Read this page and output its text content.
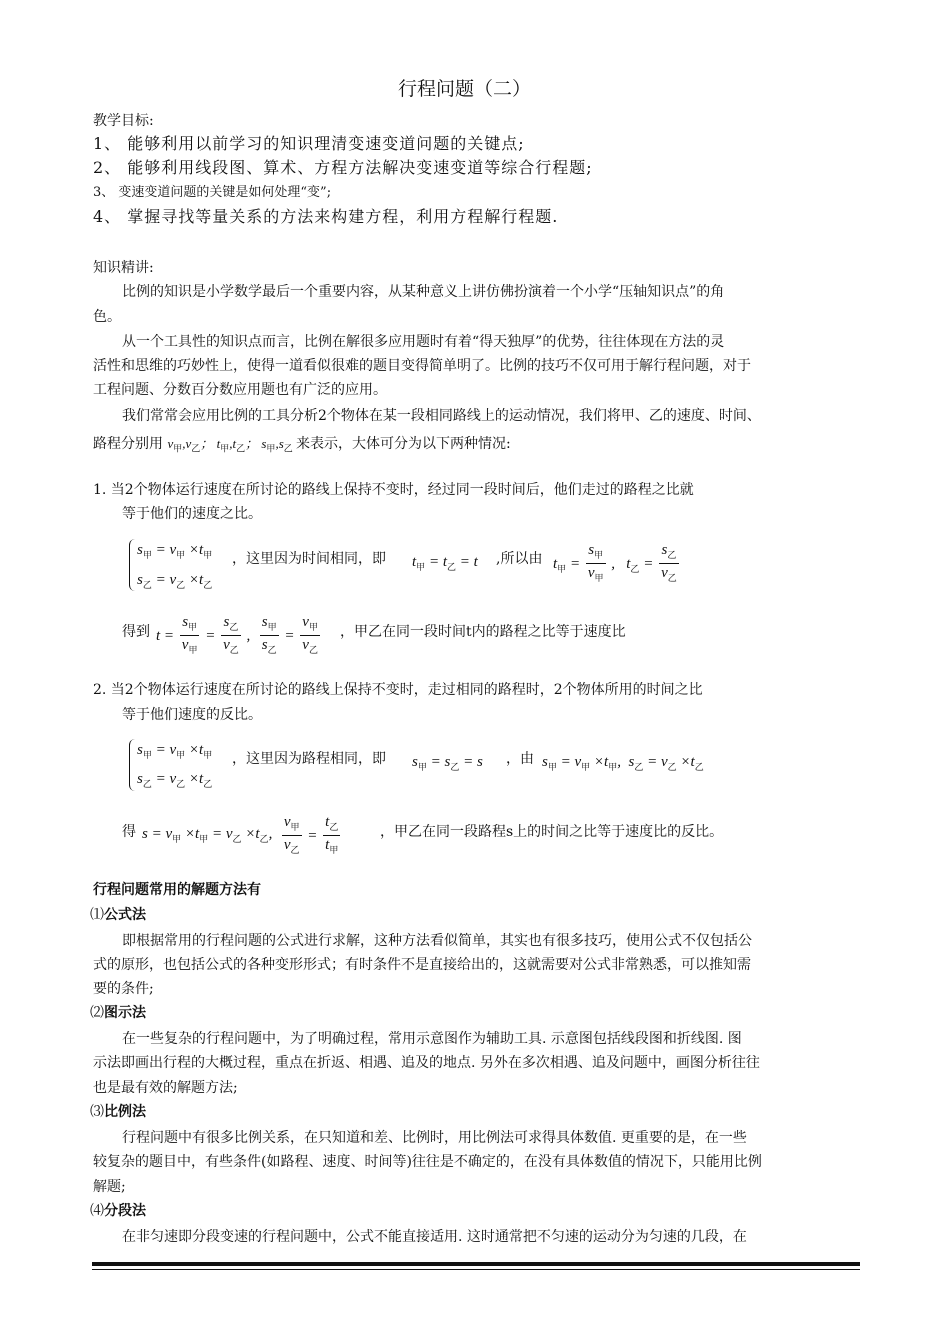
行程问题（二）
教学目标:
1、 能够利用以前学习的知识理清变速变道问题的关键点;
2、 能够利用线段图、算术、方程方法解决变速变道等综合行程题;
3、 变速变道问题的关键是如何处理“变”;
4、 掌握寻找等量关系的方法来构建方程，利用方程解行程题.
知识精讲:
比例的知识是小学数学最后一个重要内容，从某种意义上讲仿佛扮演着一个小学“压轴知识点”的角
色。
从一个工具性的知识点而言，比例在解很多应用题时有着“得天独厚”的优势，往往体现在方法的灵
活性和思维的巧妙性上，使得一道看似很难的题目变得简单明了。比例的技巧不仅可用于解行程问题，对于
工程问题、分数百分数应用题也有广泛的应用。
我们常常会应用比例的工具分析2个物体在某一段相同路线上的运动情况，我们将甲、乙的速度、时间、
路程分别用 $v_甲,v_乙$； $t_甲,t_乙$； $s_甲,s_乙$ 来表示，大体可分为以下两种情况:
1. 当2个物体运行速度在所讨论的路线上保持不变时，经过同一段时间后，他们走过的路程之比就
等于他们的速度之比。
$s_甲 = v_甲 \times t_甲$
$s_乙 = v_乙 \times t_乙$
，这里因为时间相同，即 $t_甲 = t_乙 = t$ ,所以由 $t_甲 = \frac{s_甲}{v_甲}$ , $t_乙 = \frac{s_乙}{v_乙}$
得到 $t = \frac{s_甲}{v_甲} = \frac{s_乙}{v_乙}$ , $\frac{s_甲}{s_乙} = \frac{v_甲}{v_乙}$ ，甲乙在同一段时间t内的路程之比等于速度比
2. 当2个物体运行速度在所讨论的路线上保持不变时，走过相同的路程时，2个物体所用的时间之比
等于他们速度的反比。
$s_甲 = v_甲 \times t_甲$
$s_乙 = v_乙 \times t_乙$
，这里因为路程相同，即 $s_甲 = s_乙 = s$ ，由 $s_甲 = v_甲 \times t_甲$, $s_乙 = v_乙 \times t_乙$
得 $s = v_甲 \times t_甲 = v_乙 \times t_乙$, $\frac{v_甲}{v_乙} = \frac{t_乙}{t_甲}$	，甲乙在同一段路程s上的时间之比等于速度比的反比。
行程问题常用的解题方法有
⑴公式法
即根据常用的行程问题的公式进行求解，这种方法看似简单，其实也有很多技巧，使用公式不仅包括公
式的原形，也包括公式的各种变形形式；有时条件不是直接给出的，这就需要对公式非常熟悉，可以推知需
要的条件;
⑵图示法
在一些复杂的行程问题中，为了明确过程，常用示意图作为辅助工具. 示意图包括线段图和折线图. 图
示法即画出行程的大概过程，重点在折返、相遇、追及的地点. 另外在多次相遇、追及问题中，画图分析往往
也是最有效的解题方法;
⑶比例法
行程问题中有很多比例关系，在只知道和差、比例时，用比例法可求得具体数值. 更重要的是，在一些
较复杂的题目中，有些条件(如路程、速度、时间等)往往是不确定的，在没有具体数值的情况下，只能用比例
解题;
⑷分段法
在非匀速即分段变速的行程问题中，公式不能直接适用. 这时通常把不匀速的运动分为匀速的几段，在
